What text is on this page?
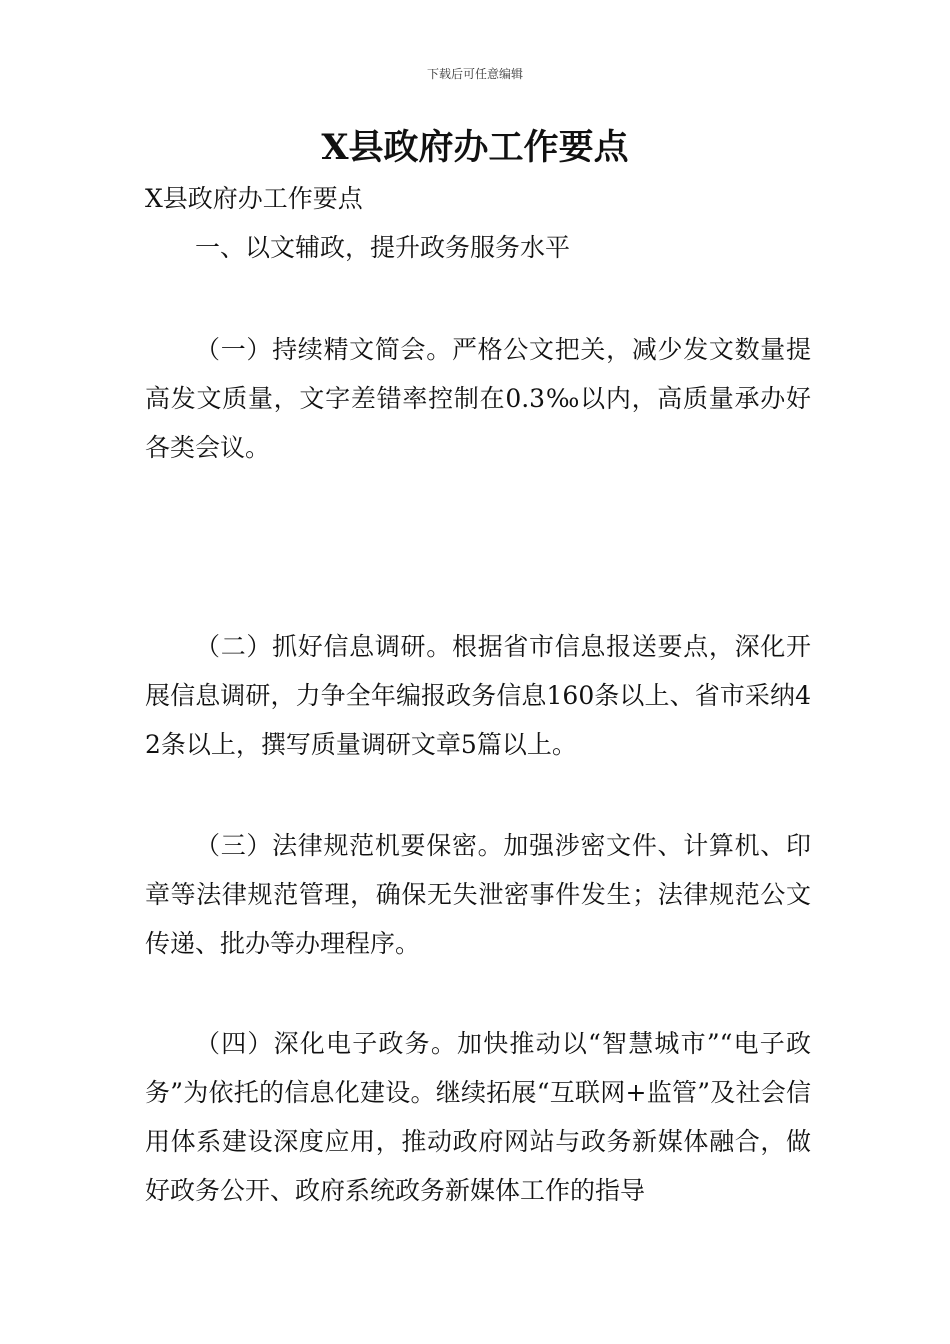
下载后可任意编辑
X县政府办工作要点

X县政府办工作要点

一、以文辅政，提升政务服务水平

（一）持续精文简会。严格公文把关，减少发文数量提高发文质量，文字差错率控制在0.3‰以内，高质量承办好各类会议。

（二）抓好信息调研。根据省市信息报送要点，深化开展信息调研，力争全年编报政务信息160条以上、省市采纳42条以上，撰写质量调研文章5篇以上。

（三）法律规范机要保密。加强涉密文件、计算机、印章等法律规范管理，确保无失泄密事件发生；法律规范公文传递、批办等办理程序。

（四）深化电子政务。加快推动以“智慧城市”“电子政务”为依托的信息化建设。继续拓展“互联网+监管”及社会信用体系建设深度应用，推动政府网站与政务新媒体融合，做好政务公开、政府系统政务新媒体工作的指导
